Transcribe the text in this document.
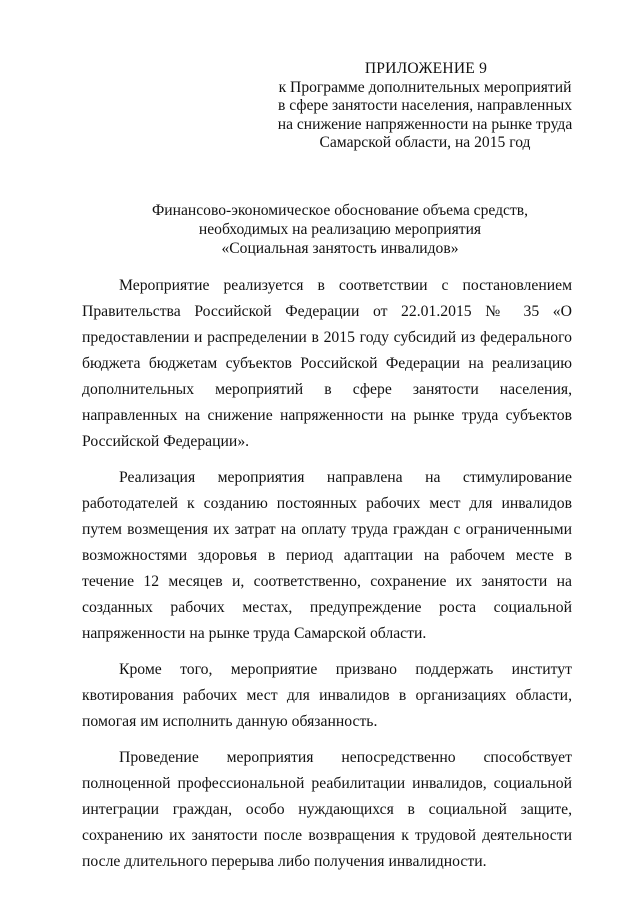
ПРИЛОЖЕНИЕ 9
к Программе дополнительных мероприятий
в сфере занятости населения, направленных
на снижение напряженности на рынке труда
Самарской области, на 2015 год
Финансово-экономическое обоснование объема средств,
необходимых на реализацию мероприятия
«Социальная занятость инвалидов»

Мероприятие реализуется в соответствии с постановлением Правительства Российской Федерации от 22.01.2015 № 35 «О предоставлении и распределении в 2015 году субсидий из федерального бюджета бюджетам субъектов Российской Федерации на реализацию дополнительных мероприятий в сфере занятости населения, направленных на снижение напряженности на рынке труда субъектов Российской Федерации».

Реализация мероприятия направлена на стимулирование работодателей к созданию постоянных рабочих мест для инвалидов путем возмещения их затрат на оплату труда граждан с ограниченными возможностями здоровья в период адаптации на рабочем месте в течение 12 месяцев и, соответственно, сохранение их занятости на созданных рабочих местах, предупреждение роста социальной напряженности на рынке труда Самарской области.

Кроме того, мероприятие призвано поддержать институт квотирования рабочих мест для инвалидов в организациях области, помогая им исполнить данную обязанность.

Проведение мероприятия непосредственно способствует полноценной профессиональной реабилитации инвалидов, социальной интеграции граждан, особо нуждающихся в социальной защите, сохранению их занятости после возвращения к трудовой деятельности после длительного перерыва либо получения инвалидности.
